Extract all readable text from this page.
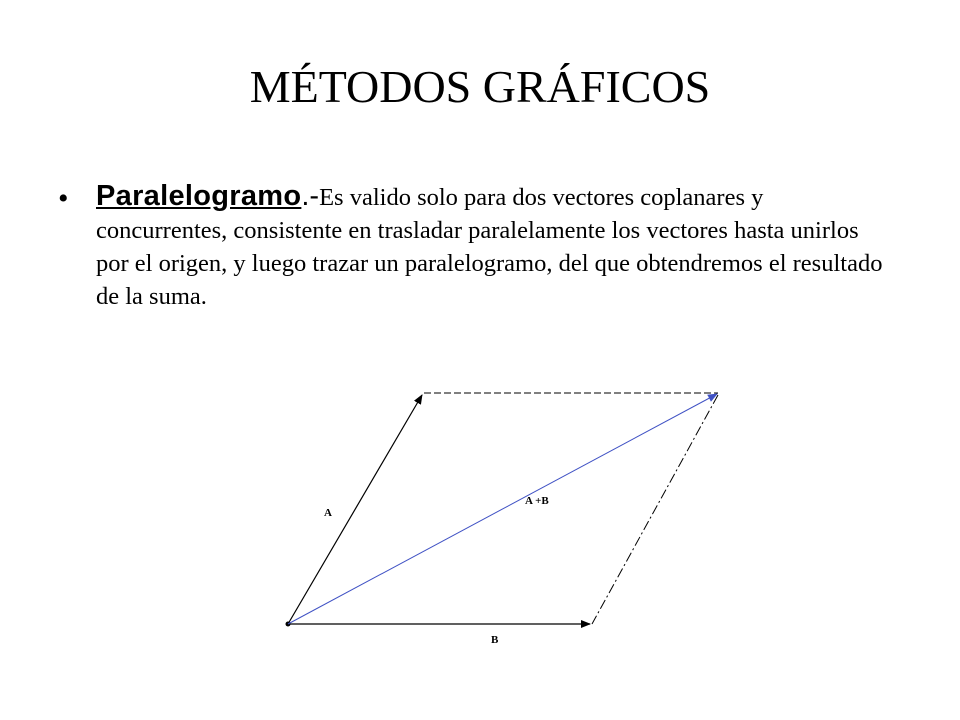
MÉTODOS GRÁFICOS
• Paralelogramo.-Es valido solo para dos vectores coplanares y concurrentes, consistente en trasladar paralelamente los vectores hasta unirlos por el origen, y luego trazar un paralelogramo, del que obtendremos el resultado de la suma.
A
A +B
B
